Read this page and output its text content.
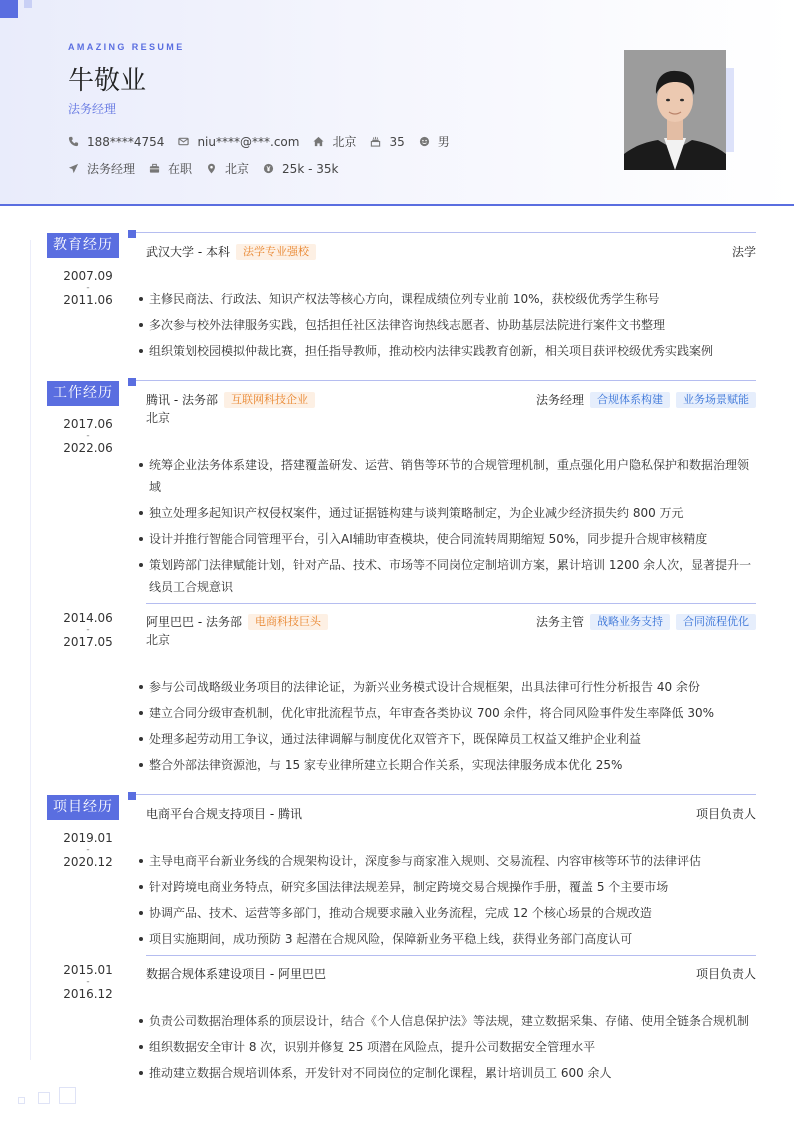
AMAZING RESUME
牛敬业
法务经理
188****4754	niu****@***.com	北京	35	男
法务经理	在职	北京	25k - 35k
教育经历
2007.09
-
2011.06
武汉大学 - 本科	法学专业强校	法学
主修民商法、行政法、知识产权法等核心方向，课程成绩位列专业前 10%，获校级优秀学生称号
多次参与校外法律服务实践，包括担任社区法律咨询热线志愿者、协助基层法院进行案件文书整理
组织策划校园模拟仲裁比赛，担任指导教师，推动校内法律实践教育创新，相关项目获评校级优秀实践案例
工作经历
2017.06
-
2022.06
腾讯 - 法务部	互联网科技企业	法务经理	合规体系构建	业务场景赋能
北京
统筹企业法务体系建设，搭建覆盖研发、运营、销售等环节的合规管理机制，重点强化用户隐私保护和数据治理领域
独立处理多起知识产权侵权案件，通过证据链构建与谈判策略制定，为企业减少经济损失约 800 万元
设计并推行智能合同管理平台，引入AI辅助审查模块，使合同流转周期缩短 50%，同步提升合规审核精度
策划跨部门法律赋能计划，针对产品、技术、市场等不同岗位定制培训方案，累计培训 1200 余人次，显著提升一线员工合规意识
2014.06
-
2017.05
阿里巴巴 - 法务部	电商科技巨头	法务主管	战略业务支持	合同流程优化
北京
参与公司战略级业务项目的法律论证，为新兴业务模式设计合规框架，出具法律可行性分析报告 40 余份
建立合同分级审查机制，优化审批流程节点，年审查各类协议 700 余件，将合同风险事件发生率降低 30%
处理多起劳动用工争议，通过法律调解与制度优化双管齐下，既保障员工权益又维护企业利益
整合外部法律资源池，与 15 家专业律所建立长期合作关系，实现法律服务成本优化 25%
项目经历
2019.01
-
2020.12
电商平台合规支持项目 - 腾讯	项目负责人
主导电商平台新业务线的合规架构设计，深度参与商家准入规则、交易流程、内容审核等环节的法律评估
针对跨境电商业务特点，研究多国法律法规差异，制定跨境交易合规操作手册，覆盖 5 个主要市场
协调产品、技术、运营等多部门，推动合规要求融入业务流程，完成 12 个核心场景的合规改造
项目实施期间，成功预防 3 起潜在合规风险，保障新业务平稳上线，获得业务部门高度认可
2015.01
-
2016.12
数据合规体系建设项目 - 阿里巴巴	项目负责人
负责公司数据治理体系的顶层设计，结合《个人信息保护法》等法规，建立数据采集、存储、使用全链条合规机制
组织数据安全审计 8 次，识别并修复 25 项潜在风险点，提升公司数据安全管理水平
推动建立数据合规培训体系，开发针对不同岗位的定制化课程，累计培训员工 600 余人
